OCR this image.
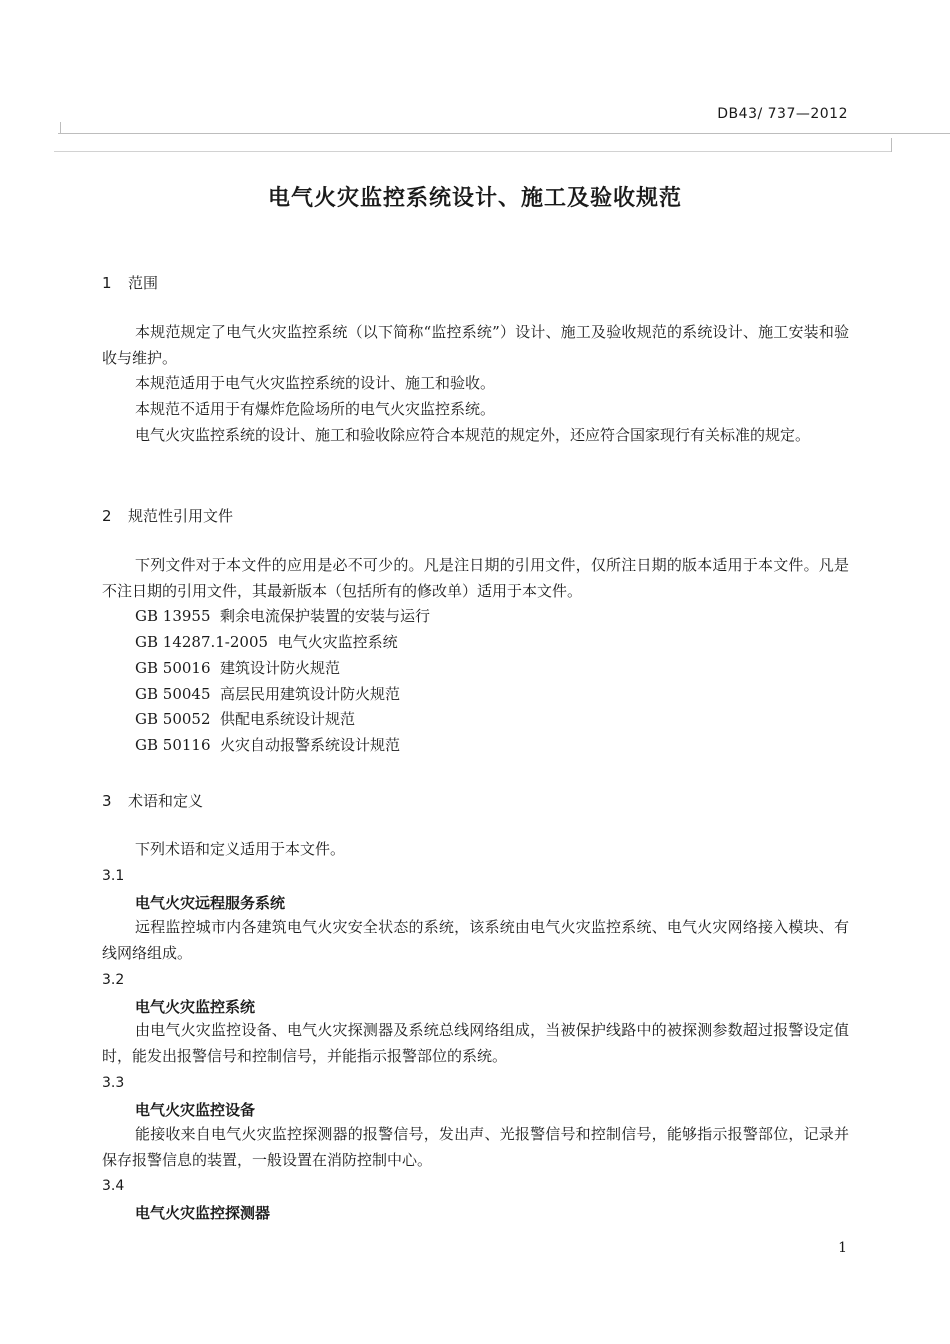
DB43/ 737—2012
电气火灾监控系统设计、施工及验收规范
1 范围
本规范规定了电气火灾监控系统（以下简称“监控系统”）设计、施工及验收规范的系统设计、施工安装和验收与维护。
本规范适用于电气火灾监控系统的设计、施工和验收。
本规范不适用于有爆炸危险场所的电气火灾监控系统。
电气火灾监控系统的设计、施工和验收除应符合本规范的规定外，还应符合国家现行有关标准的规定。
2 规范性引用文件
下列文件对于本文件的应用是必不可少的。凡是注日期的引用文件，仅所注日期的版本适用于本文件。凡是不注日期的引用文件，其最新版本（包括所有的修改单）适用于本文件。
GB 13955  剩余电流保护装置的安装与运行
GB 14287.1-2005  电气火灾监控系统
GB 50016  建筑设计防火规范
GB 50045  高层民用建筑设计防火规范
GB 50052  供配电系统设计规范
GB 50116  火灾自动报警系统设计规范
3 术语和定义
下列术语和定义适用于本文件。
3.1
电气火灾远程服务系统
远程监控城市内各建筑电气火灾安全状态的系统，该系统由电气火灾监控系统、电气火灾网络接入模块、有线网络组成。
3.2
电气火灾监控系统
由电气火灾监控设备、电气火灾探测器及系统总线网络组成，当被保护线路中的被探测参数超过报警设定值时，能发出报警信号和控制信号，并能指示报警部位的系统。
3.3
电气火灾监控设备
能接收来自电气火灾监控探测器的报警信号，发出声、光报警信号和控制信号，能够指示报警部位，记录并保存报警信息的装置，一般设置在消防控制中心。
3.4
电气火灾监控探测器
1
